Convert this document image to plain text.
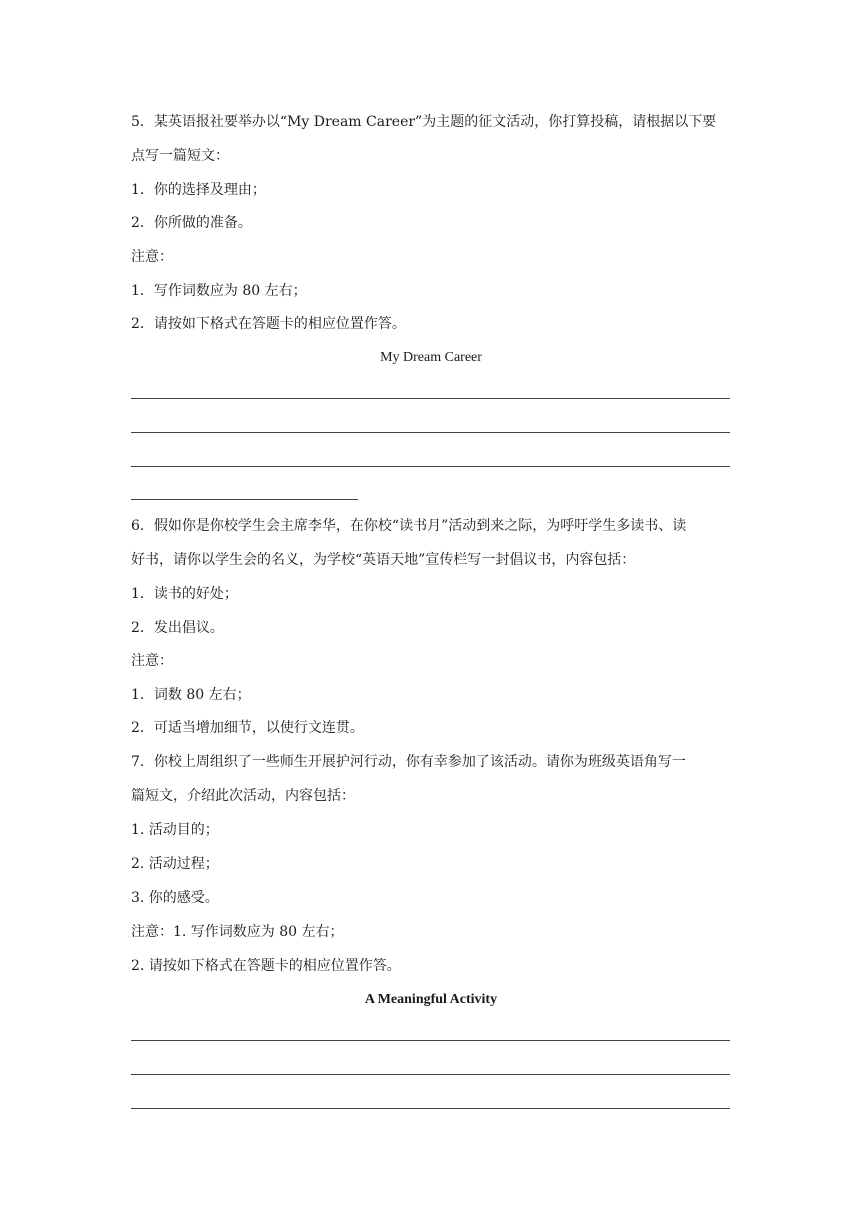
5．某英语报社要举办以“My Dream Career”为主题的征文活动，你打算投稿，请根据以下要
点写一篇短文：
1．你的选择及理由；
2．你所做的准备。
注意：
1．写作词数应为 80 左右；
2．请按如下格式在答题卡的相应位置作答。
My Dream Career
6．假如你是你校学生会主席李华，在你校“读书月”活动到来之际，为呼吁学生多读书、读
好书，请你以学生会的名义，为学校“英语天地”宣传栏写一封倡议书，内容包括：
1．读书的好处；
2．发出倡议。
注意：
1．词数 80 左右；
2．可适当增加细节，以使行文连贯。
7．你校上周组织了一些师生开展护河行动，你有幸参加了该活动。请你为班级英语角写一
篇短文，介绍此次活动，内容包括：
1. 活动目的；
2. 活动过程；
3. 你的感受。
注意：1. 写作词数应为 80 左右；
2. 请按如下格式在答题卡的相应位置作答。
A Meaningful Activity
